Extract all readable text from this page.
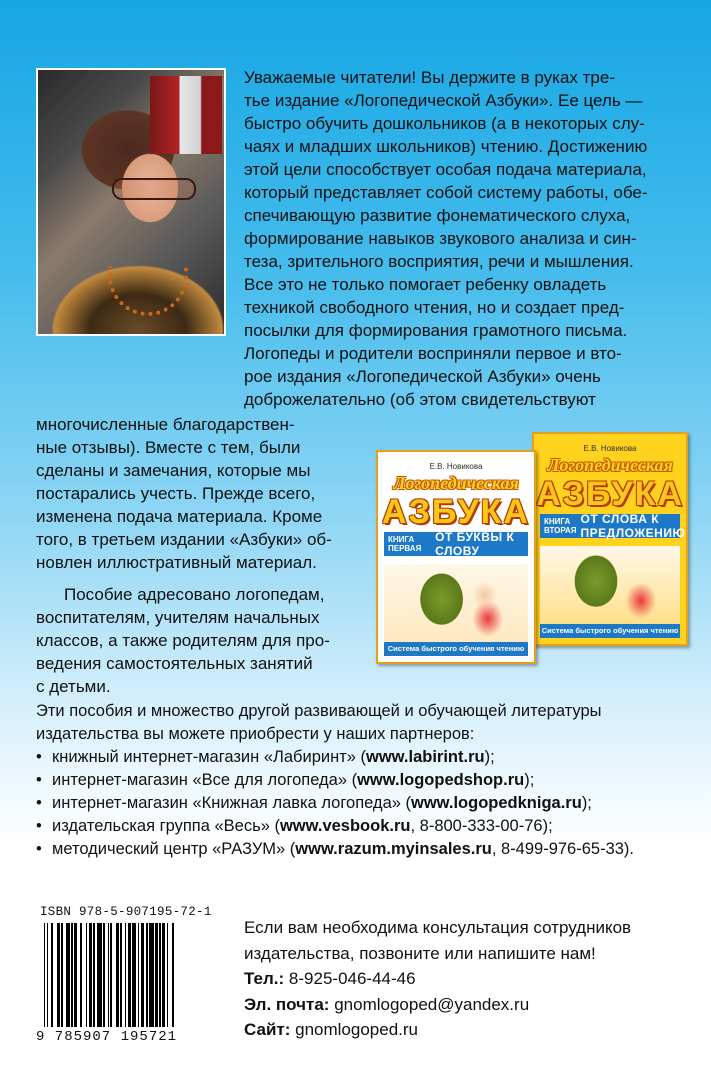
Уважаемые читатели! Вы держите в руках тре-

тье издание «Логопедической Азбуки». Ее цель —

быстро обучить дошкольников (а в некоторых слу-

чаях и младших школьников) чтению. Достижению

этой цели способствует особая подача материала,

который представляет собой систему работы, обе-

спечивающую развитие фонематического слуха,

формирование навыков звукового анализа и син-

теза, зрительного восприятия, речи и мышления.

Все это не только помогает ребенку овладеть

техникой свободного чтения, но и создает пред-

посылки для формирования грамотного письма.

Логопеды и родители восприняли первое и вто-

рое издания «Логопедической Азбуки» очень

доброжелательно (об этом свидетельствуют

многочисленные благодарствен-

ные отзывы). Вместе с тем, были

сделаны и замечания, которые мы

постарались учесть. Прежде всего,

изменена подача материала. Кроме

того, в третьем издании «Азбуки» об-

новлен иллюстративный материал.

Пособие адресовано логопедам,

воспитателям, учителям начальных

классов, а также родителям для про-

ведения самостоятельных занятий

с детьми.

Е.В. Новикова
Логопедическая
АЗБУКА
КНИГА ВТОРАЯ
ОТ СЛОВА К ПРЕДЛОЖЕНИЮ
Система быстрого обучения чтению
Е.В. Новикова
Логопедическая
АЗБУКА
КНИГА ПЕРВАЯ
ОТ БУКВЫ К СЛОВУ
Система быстрого обучения чтению

Эти пособия и множество другой развивающей и обучающей литературы

издательства вы можете приобрести у наших партнеров:

• книжный интернет-магазин «Лабиринт» (www.labirint.ru);
• интернет-магазин «Все для логопеда» (www.logopedshop.ru);
• интернет-магазин «Книжная лавка логопеда» (www.logopedkniga.ru);
• издательская группа «Весь» (www.vesbook.ru, 8-800-333-00-76);
• методический центр «РАЗУМ» (www.razum.myinsales.ru, 8-499-976-65-33).
ISBN 978-5-907195-72-1
9 785907 195721

Если вам необходима консультация сотрудников

издательства, позвоните или напишите нам!

Тел.: 8-925-046-44-46

Эл. почта: gnomlogoped@yandex.ru

Сайт: gnomlogoped.ru
